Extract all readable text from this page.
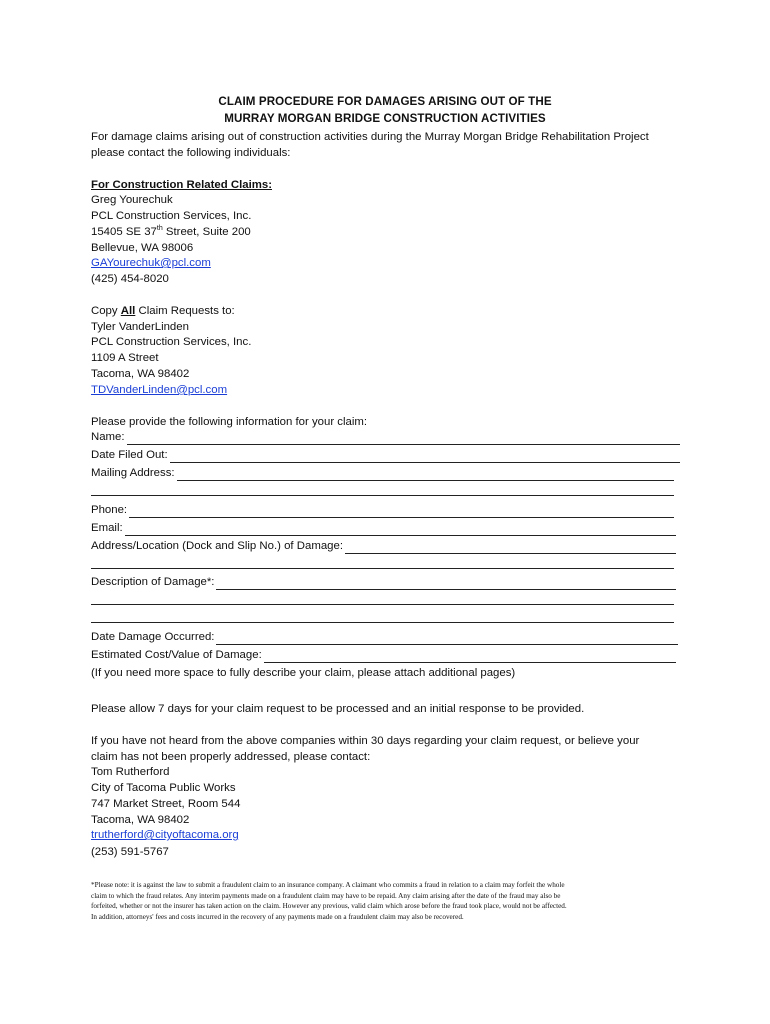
CLAIM PROCEDURE FOR DAMAGES ARISING OUT OF THE
MURRAY MORGAN BRIDGE CONSTRUCTION ACTIVITIES
For damage claims arising out of construction activities during the Murray Morgan Bridge Rehabilitation Project
please contact the following individuals:
For Construction Related Claims:
Greg Yourechuk
PCL Construction Services, Inc.
15405 SE 37th Street, Suite 200
Bellevue, WA 98006
GAYourechuk@pcl.com
(425) 454-8020
Copy All Claim Requests to:
Tyler VanderLinden
PCL Construction Services, Inc.
1109 A Street
Tacoma, WA 98402
TDVanderLinden@pcl.com
Please provide the following information for your claim:
Name:
Date Filed Out:
Mailing Address:
Phone:
Email:
Address/Location (Dock and Slip No.) of Damage:
Description of Damage*:
Date Damage Occurred:
Estimated Cost/Value of Damage:
(If you need more space to fully describe your claim, please attach additional pages)
Please allow 7 days for your claim request to be processed and an initial response to be provided.
If you have not heard from the above companies within 30 days regarding your claim request, or believe your
claim has not been properly addressed, please contact:
Tom Rutherford
City of Tacoma Public Works
747 Market Street, Room 544
Tacoma, WA 98402
trutherford@cityoftacoma.org
(253) 591-5767
*Please note: it is against the law to submit a fraudulent claim to an insurance company. A claimant who commits a fraud in relation to a claim may forfeit the whole
claim to which the fraud relates. Any interim payments made on a fraudulent claim may have to be repaid. Any claim arising after the date of the fraud may also be
forfeited, whether or not the insurer has taken action on the claim. However any previous, valid claim which arose before the fraud took place, would not be affected.
In addition, attorneys' fees and costs incurred in the recovery of any payments made on a fraudulent claim may also be recovered.
